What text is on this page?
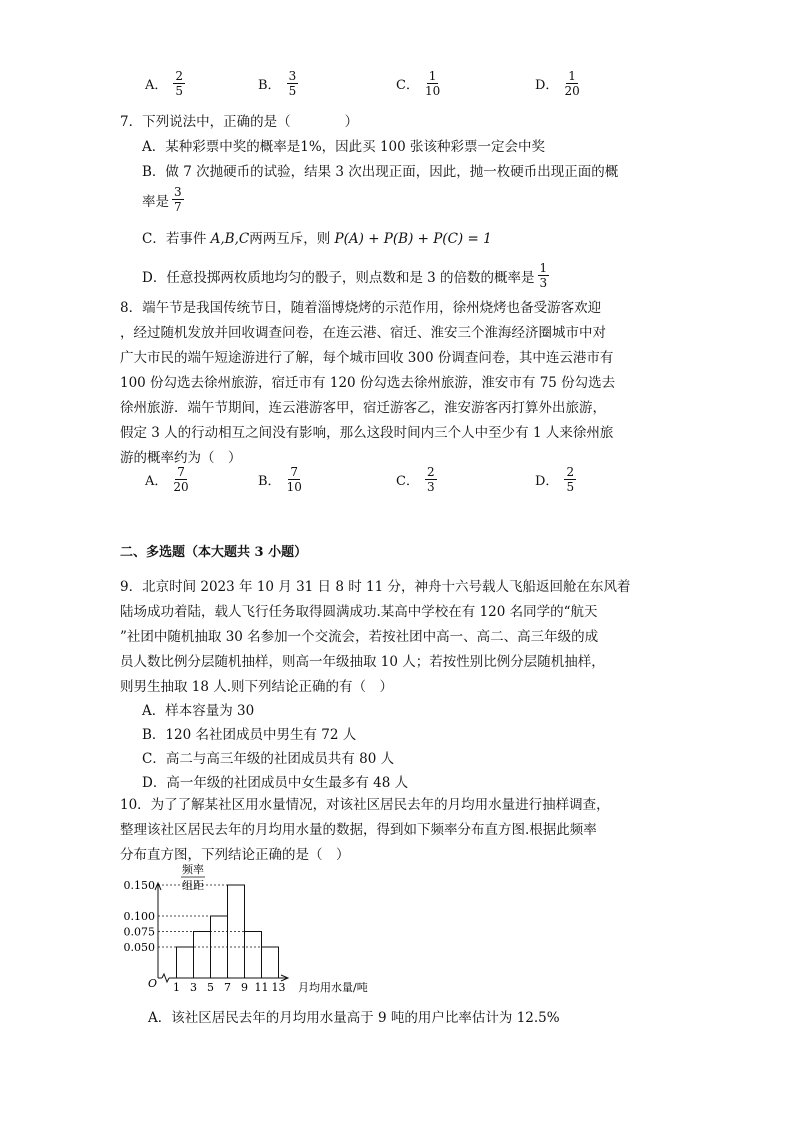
A． $\frac{2}{5}$	B． $\frac{3}{5}$	C． $\frac{1}{10}$	D． $\frac{1}{20}$
7．下列说法中，正确的是（　　　　）
A．某种彩票中奖的概率是1%，因此买 100 张该种彩票一定会中奖
B．做 7 次抛硬币的试验，结果 3 次出现正面，因此，抛一枚硬币出现正面的概
率是 $\frac{3}{7}$
C．若事件 A,B,C两两互斥，则 P(A) + P(B) + P(C) = 1
D．任意投掷两枚质地均匀的骰子，则点数和是 3 的倍数的概率是 $\frac{1}{3}$
8．端午节是我国传统节日，随着淄博烧烤的示范作用，徐州烧烤也备受游客欢迎
，经过随机发放并回收调查问卷，在连云港、宿迁、淮安三个淮海经济圈城市中对
广大市民的端午短途游进行了解，每个城市回收 300 份调查问卷，其中连云港市有
100 份勾选去徐州旅游，宿迁市有 120 份勾选去徐州旅游，淮安市有 75 份勾选去
徐州旅游．端午节期间，连云港游客甲，宿迁游客乙，淮安游客丙打算外出旅游，
假定 3 人的行动相互之间没有影响，那么这段时间内三个人中至少有 1 人来徐州旅
游的概率约为（　）
A． $\frac{7}{20}$	B． $\frac{7}{10}$	C． $\frac{2}{3}$	D． $\frac{2}{5}$
二、多选题（本大题共 3 小题）
9．北京时间 2023 年 10 月 31 日 8 时 11 分，神舟十六号载人飞船返回舱在东风着
陆场成功着陆，载人飞行任务取得圆满成功.某高中学校在有 120 名同学的“航天
”社团中随机抽取 30 名参加一个交流会，若按社团中高一、高二、高三年级的成
员人数比例分层随机抽样，则高一年级抽取 10 人；若按性别比例分层随机抽样，
则男生抽取 18 人.则下列结论正确的有（　）
A．样本容量为 30
B．120 名社团成员中男生有 72 人
C．高二与高三年级的社团成员共有 80 人
D．高一年级的社团成员中女生最多有 48 人
10．为了了解某社区用水量情况，对该社区居民去年的月均用水量进行抽样调查，
整理该社区居民去年的月均用水量的数据，得到如下频率分布直方图.根据此频率
分布直方图，下列结论正确的是（　）
0.150
0.100
0.075
0.050
1 3 5 7 9 11 13
频率
组距
O	月均用水量/吨
A．该社区居民去年的月均用水量高于 9 吨的用户比率估计为 12.5%
